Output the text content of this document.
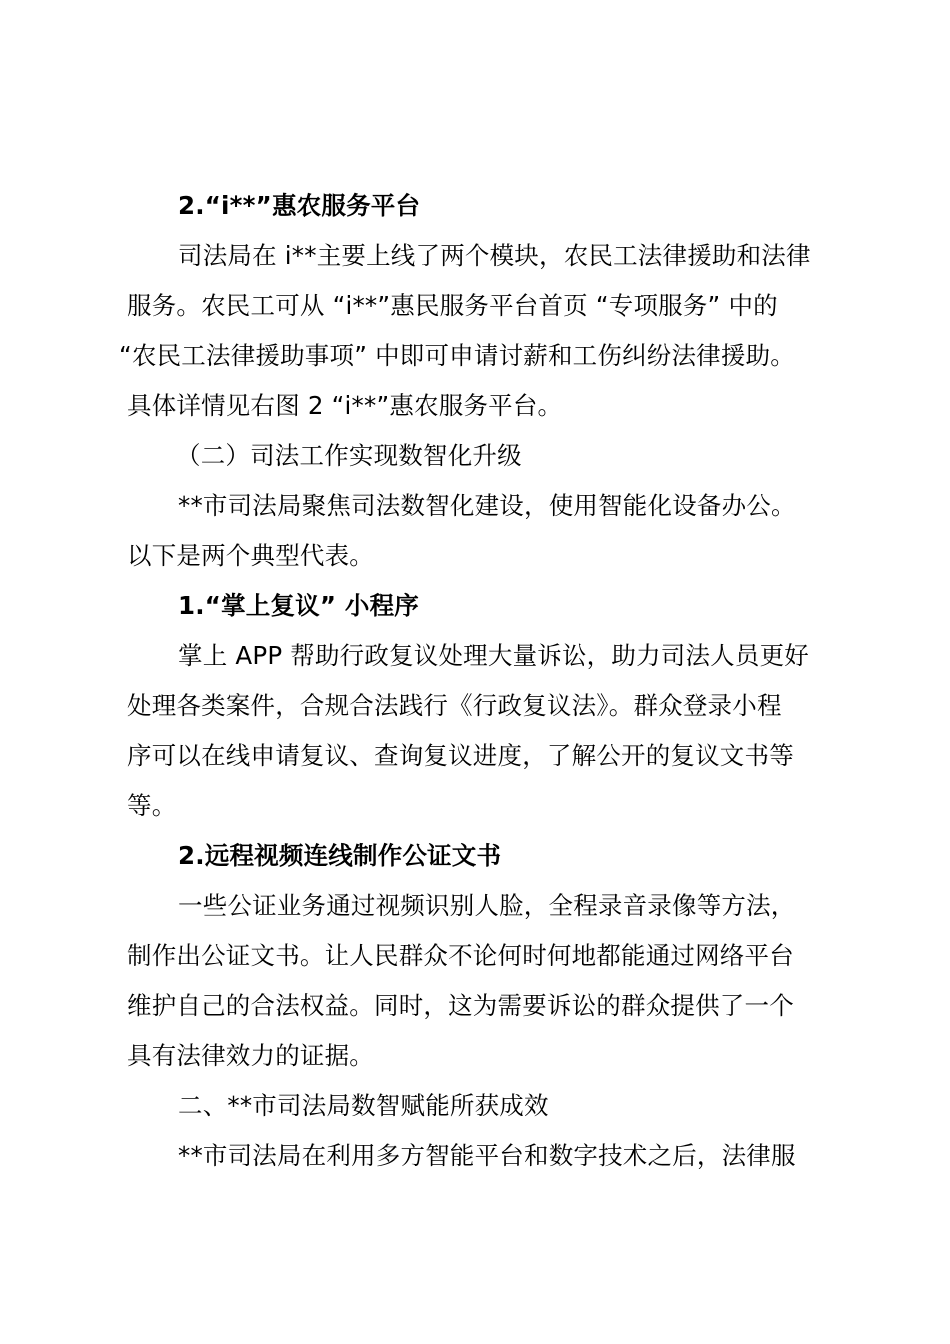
2.“i**”惠农服务平台
司法局在 i**主要上线了两个模块，农民工法律援助和法律
服务。农民工可从 “i**”惠民服务平台首页 “专项服务” 中的
“农民工法律援助事项” 中即可申请讨薪和工伤纠纷法律援助。
具体详情见右图 2 “i**”惠农服务平台。
（二）司法工作实现数智化升级
**市司法局聚焦司法数智化建设，使用智能化设备办公。
以下是两个典型代表。
1.“掌上复议” 小程序
掌上 APP 帮助行政复议处理大量诉讼，助力司法人员更好
处理各类案件，合规合法践行《行政复议法》。群众登录小程
序可以在线申请复议、查询复议进度，了解公开的复议文书等
等。
2.远程视频连线制作公证文书
一些公证业务通过视频识别人脸，全程录音录像等方法，
制作出公证文书。让人民群众不论何时何地都能通过网络平台
维护自己的合法权益。同时，这为需要诉讼的群众提供了一个
具有法律效力的证据。
二、**市司法局数智赋能所获成效
**市司法局在利用多方智能平台和数字技术之后，法律服
